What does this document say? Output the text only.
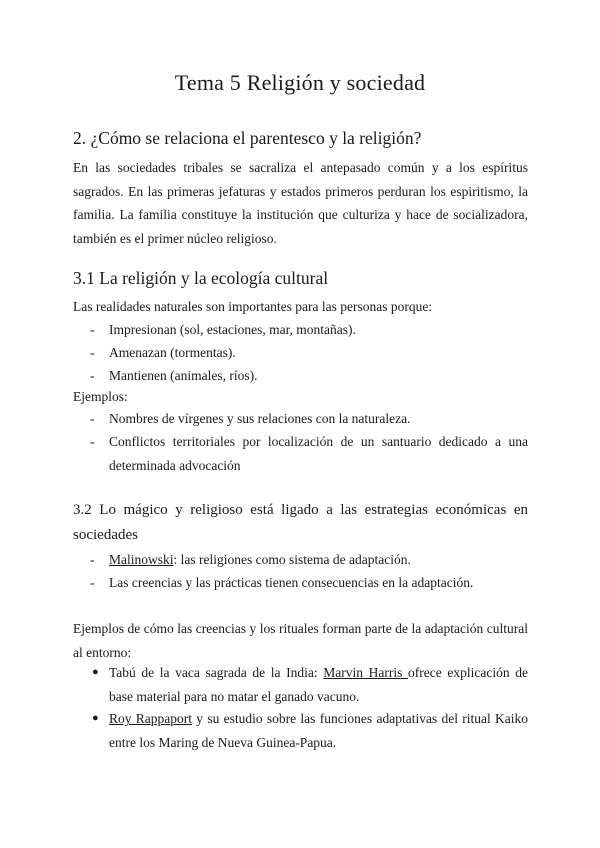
Tema 5 Religión y sociedad
2. ¿Cómo se relaciona el parentesco y la religión?

En las sociedades tribales se sacraliza el antepasado común y a los espíritus sagrados. En las primeras jefaturas y estados primeros perduran los espiritismo, la familia. La familia constituye la institución que culturiza y hace de socializadora, también es el primer núcleo religioso.

3.1 La religión y la ecología cultural

Las realidades naturales son importantes para las personas porque:

-	Impresionan (sol, estaciones, mar, montañas).
-	Amenazan (tormentas).
-	Mantienen (animales, ríos).

Ejemplos:

-	Nombres de vírgenes y sus relaciones con la naturaleza.
-	Conflictos territoriales por localización de un santuario dedicado a una determinada advocación

3.2 Lo mágico y religioso está ligado a las estrategias económicas en sociedades

-	Malinowski: las religiones como sistema de adaptación.
-	Las creencias y las prácticas tienen consecuencias en la adaptación.

Ejemplos de cómo las creencias y los rituales forman parte de la adaptación cultural al entorno:

● Tabú de la vaca sagrada de la India: Marvin Harris ofrece explicación de base material para no matar el ganado vacuno.
● Roy Rappaport y su estudio sobre las funciones adaptativas del ritual Kaiko entre los Maring de Nueva Guinea-Papua.
